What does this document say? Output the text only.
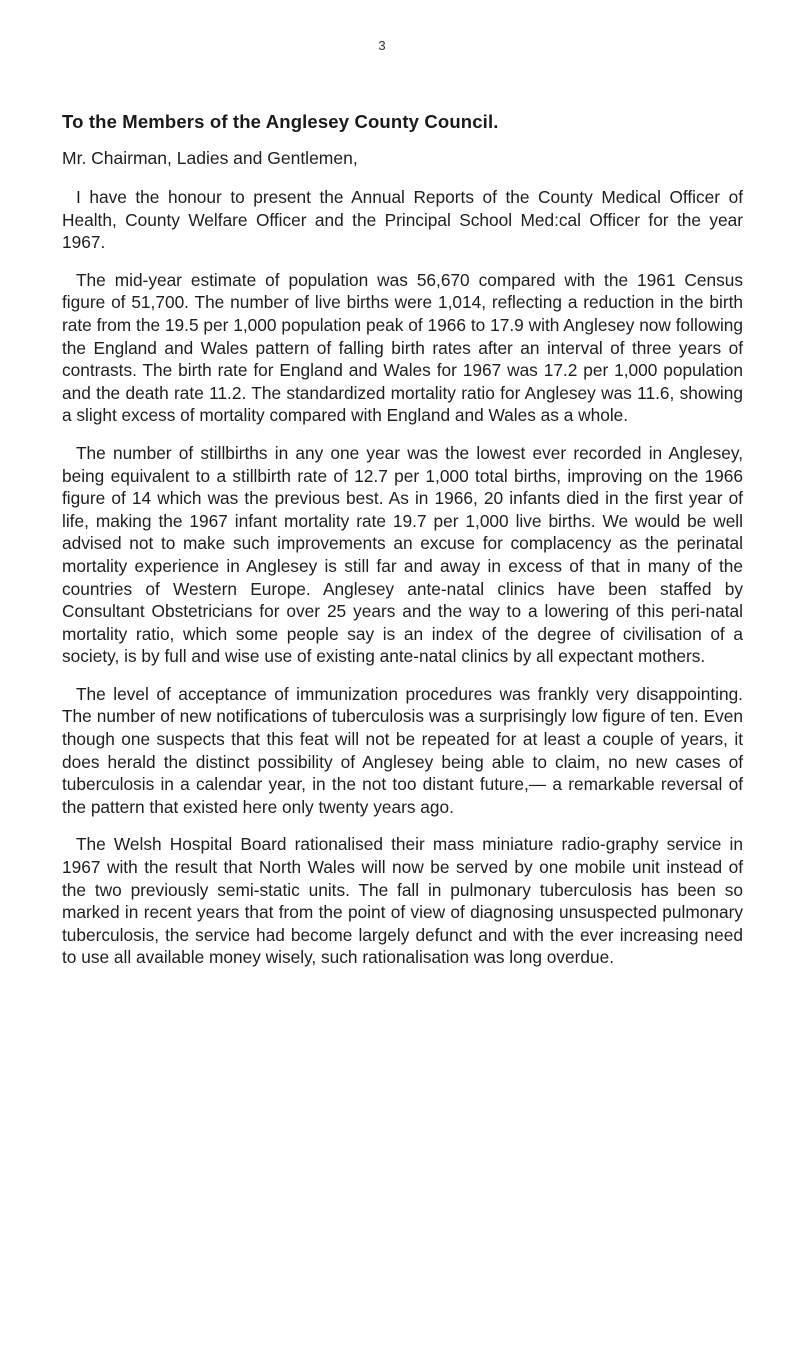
3
To the Members of the Anglesey County Council.
Mr. Chairman, Ladies and Gentlemen,

I have the honour to present the Annual Reports of the County Medical Officer of Health, County Welfare Officer and the Principal School Med:cal Officer for the year 1967.

The mid-year estimate of population was 56,670 compared with the 1961 Census figure of 51,700. The number of live births were 1,014, reflecting a reduction in the birth rate from the 19.5 per 1,000 population peak of 1966 to 17.9 with Anglesey now following the England and Wales pattern of falling birth rates after an interval of three years of contrasts. The birth rate for England and Wales for 1967 was 17.2 per 1,000 population and the death rate 11.2. The standardized mortality ratio for Anglesey was 11.6, showing a slight excess of mortality compared with England and Wales as a whole.

The number of stillbirths in any one year was the lowest ever recorded in Anglesey, being equivalent to a stillbirth rate of 12.7 per 1,000 total births, improving on the 1966 figure of 14 which was the previous best. As in 1966, 20 infants died in the first year of life, making the 1967 infant mortality rate 19.7 per 1,000 live births. We would be well advised not to make such improvements an excuse for complacency as the perinatal mortality experience in Anglesey is still far and away in excess of that in many of the countries of Western Europe. Anglesey ante-natal clinics have been staffed by Consultant Obstetricians for over 25 years and the way to a lowering of this peri-natal mortality ratio, which some people say is an index of the degree of civilisation of a society, is by full and wise use of existing ante-natal clinics by all expectant mothers.

The level of acceptance of immunization procedures was frankly very disappointing. The number of new notifications of tuberculosis was a surprisingly low figure of ten. Even though one suspects that this feat will not be repeated for at least a couple of years, it does herald the distinct possibility of Anglesey being able to claim, no new cases of tuberculosis in a calendar year, in the not too distant future,— a remarkable reversal of the pattern that existed here only twenty years ago.

The Welsh Hospital Board rationalised their mass miniature radio-graphy service in 1967 with the result that North Wales will now be served by one mobile unit instead of the two previously semi-static units. The fall in pulmonary tuberculosis has been so marked in recent years that from the point of view of diagnosing unsuspected pulmonary tuberculosis, the service had become largely defunct and with the ever increasing need to use all available money wisely, such rationalisation was long overdue.
